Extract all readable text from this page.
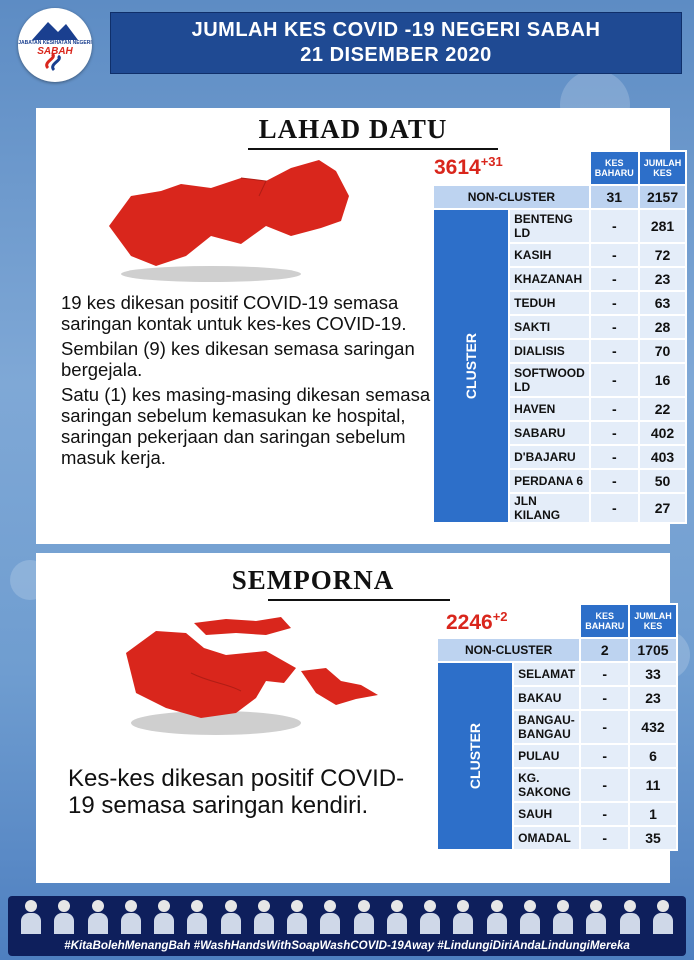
JABATAN KESIHATAN NEGERI
SABAH
JUMLAH KES COVID -19 NEGERI SABAH
21 DISEMBER 2020
LAHAD DATU

19 kes dikesan positif COVID-19 semasa saringan kontak untuk kes-kes COVID-19.

Sembilan (9) kes dikesan semasa saringan bergejala.

Satu (1) kes masing-masing dikesan semasa saringan sebelum kemasukan ke hospital, saringan pekerjaan dan saringan sebelum masuk kerja.

$3614^{+31}$
		KES BAHARU	JUMLAH KES
NON-CLUSTER		31	2157
CLUSTER	BENTENG LD	-	281
	KASIH	-	72
	KHAZANAH	-	23
	TEDUH	-	63
	SAKTI	-	28
	DIALISIS	-	70
	SOFTWOOD LD	-	16
	HAVEN	-	22
	SABARU	-	402
	D'BAJARU	-	403
	PERDANA 6	-	50
	JLN KILANG	-	27
SEMPORNA
Kes-kes dikesan positif COVID-19 semasa saringan kendiri.
$2246^{+2}$
		KES BAHARU	JUMLAH KES
NON-CLUSTER		2	1705
CLUSTER	SELAMAT	-	33
	BAKAU	-	23
	BANGAU-BANGAU	-	432
	PULAU	-	6
	KG. SAKONG	-	11
	SAUH	-	1
	OMADAL	-	35
#KitaBolehMenangBah #WashHandsWithSoapWashCOVID-19Away #LindungiDiriAndaLindungiMereka
